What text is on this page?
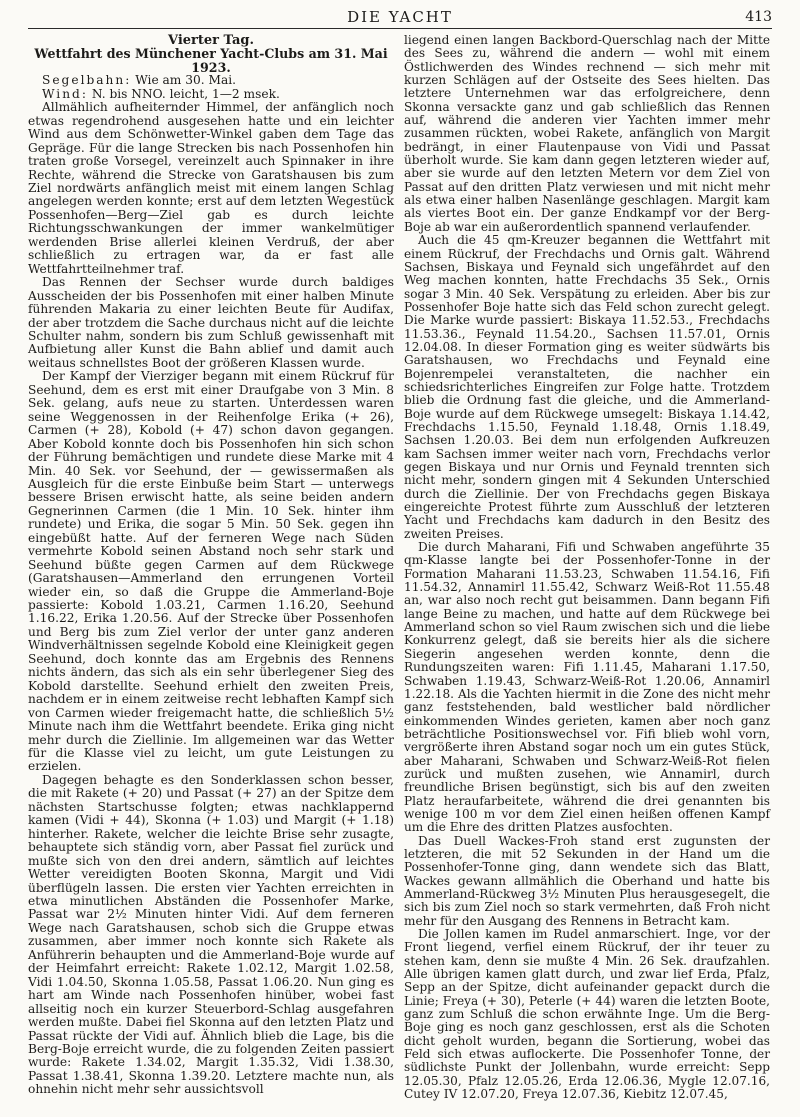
DIE YACHT	413

Vierter Tag.

Wettfahrt des Münchener Yacht-Clubs am 31. Mai 1923.

Segelbahn: Wie am 30. Mai.

Wind: N. bis NNO. leicht, 1—2 msek.

Allmählich aufheiternder Himmel, der anfänglich noch etwas regendrohend ausgesehen hatte und ein leichter Wind aus dem Schönwetter-Winkel gaben dem Tage das Gepräge. Für die lange Strecken bis nach Possenhofen hin traten große Vorsegel, vereinzelt auch Spinnaker in ihre Rechte, während die Strecke von Garatshausen bis zum Ziel nordwärts anfänglich meist mit einem langen Schlag angelegen werden konnte; erst auf dem letzten Wegestück Possenhofen—Berg—Ziel gab es durch leichte Richtungsschwankungen der immer wankelmütiger werdenden Brise allerlei kleinen Verdruß, der aber schließlich zu ertragen war, da er fast alle Wettfahrtteilnehmer traf.

Das Rennen der Sechser wurde durch baldiges Ausscheiden der bis Possenhofen mit einer halben Minute führenden Makaria zu einer leichten Beute für Audifax, der aber trotzdem die Sache durchaus nicht auf die leichte Schulter nahm, sondern bis zum Schluß gewissenhaft mit Aufbietung aller Kunst die Bahn ablief und damit auch weitaus schnellstes Boot der größeren Klassen wurde.

Der Kampf der Vierziger begann mit einem Rückruf für Seehund, dem es erst mit einer Draufgabe von 3 Min. 8 Sek. gelang, aufs neue zu starten. Unterdessen waren seine Weggenossen in der Reihenfolge Erika (+ 26), Carmen (+ 28), Kobold (+ 47) schon davon gegangen. Aber Kobold konnte doch bis Possenhofen hin sich schon der Führung bemächtigen und rundete diese Marke mit 4 Min. 40 Sek. vor Seehund, der — gewissermaßen als Ausgleich für die erste Einbuße beim Start — unterwegs bessere Brisen erwischt hatte, als seine beiden andern Gegnerinnen Carmen (die 1 Min. 10 Sek. hinter ihm rundete) und Erika, die sogar 5 Min. 50 Sek. gegen ihn eingebüßt hatte. Auf der ferneren Wege nach Süden vermehrte Kobold seinen Abstand noch sehr stark und Seehund büßte gegen Carmen auf dem Rückwege (Garatshausen—Ammerland den errungenen Vorteil wieder ein, so daß die Gruppe die Ammerland-Boje passierte: Kobold 1.03.21, Carmen 1.16.20, Seehund 1.16.22, Erika 1.20.56. Auf der Strecke über Possenhofen und Berg bis zum Ziel verlor der unter ganz anderen Windverhältnissen segelnde Kobold eine Kleinigkeit gegen Seehund, doch konnte das am Ergebnis des Rennens nichts ändern, das sich als ein sehr überlegener Sieg des Kobold darstellte. Seehund erhielt den zweiten Preis, nachdem er in einem zeitweise recht lebhaften Kampf sich von Carmen wieder freigemacht hatte, die schließlich 5½ Minute nach ihm die Wettfahrt beendete. Erika ging nicht mehr durch die Ziellinie. Im allgemeinen war das Wetter für die Klasse viel zu leicht, um gute Leistungen zu erzielen.

Dagegen behagte es den Sonderklassen schon besser, die mit Rakete (+ 20) und Passat (+ 27) an der Spitze dem nächsten Startschusse folgten; etwas nachklappernd kamen (Vidi + 44), Skonna (+ 1.03) und Margit (+ 1.18) hinterher. Rakete, welcher die leichte Brise sehr zusagte, behauptete sich ständig vorn, aber Passat fiel zurück und mußte sich von den drei andern, sämtlich auf leichtes Wetter vereidigten Booten Skonna, Margit und Vidi überflügeln lassen. Die ersten vier Yachten erreichten in etwa minutlichen Abständen die Possenhofer Marke, Passat war 2½ Minuten hinter Vidi. Auf dem ferneren Wege nach Garatshausen, schob sich die Gruppe etwas zusammen, aber immer noch konnte sich Rakete als Anführerin behaupten und die Ammerland-Boje wurde auf der Heimfahrt erreicht: Rakete 1.02.12, Margit 1.02.58, Vidi 1.04.50, Skonna 1.05.58, Passat 1.06.20. Nun ging es hart am Winde nach Possenhofen hinüber, wobei fast allseitig noch ein kurzer Steuerbord-Schlag ausgefahren werden mußte. Dabei fiel Skonna auf den letzten Platz und Passat rückte der Vidi auf. Ähnlich blieb die Lage, bis die Berg-Boje erreicht wurde, die zu folgenden Zeiten passiert wurde: Rakete 1.34.02, Margit 1.35.32, Vidi 1.38.30, Passat 1.38.41, Skonna 1.39.20. Letztere machte nun, als ohnehin nicht mehr sehr aussichtsvoll

liegend einen langen Backbord-Querschlag nach der Mitte des Sees zu, während die andern — wohl mit einem Östlichwerden des Windes rechnend — sich mehr mit kurzen Schlägen auf der Ostseite des Sees hielten. Das letztere Unternehmen war das erfolgreichere, denn Skonna versackte ganz und gab schließlich das Rennen auf, während die anderen vier Yachten immer mehr zusammen rückten, wobei Rakete, anfänglich von Margit bedrängt, in einer Flautenpause von Vidi und Passat überholt wurde. Sie kam dann gegen letzteren wieder auf, aber sie wurde auf den letzten Metern vor dem Ziel von Passat auf den dritten Platz verwiesen und mit nicht mehr als etwa einer halben Nasenlänge geschlagen. Margit kam als viertes Boot ein. Der ganze Endkampf vor der Berg-Boje ab war ein außerordentlich spannend verlaufender.

Auch die 45 qm-Kreuzer begannen die Wettfahrt mit einem Rückruf, der Frechdachs und Ornis galt. Während Sachsen, Biskaya und Feynald sich ungefährdet auf den Weg machen konnten, hatte Frechdachs 35 Sek., Ornis sogar 3 Min. 40 Sek. Verspätung zu erleiden. Aber bis zur Possenhofer Boje hatte sich das Feld schon zurecht gelegt. Die Marke wurde passiert: Biskaya 11.52.53., Frechdachs 11.53.36., Feynald 11.54.20., Sachsen 11.57.01, Ornis 12.04.08. In dieser Formation ging es weiter südwärts bis Garatshausen, wo Frechdachs und Feynald eine Bojenrempelei veranstalteten, die nachher ein schiedsrichterliches Eingreifen zur Folge hatte. Trotzdem blieb die Ordnung fast die gleiche, und die Ammerland-Boje wurde auf dem Rückwege umsegelt: Biskaya 1.14.42, Frechdachs 1.15.50, Feynald 1.18.48, Ornis 1.18.49, Sachsen 1.20.03. Bei dem nun erfolgenden Aufkreuzen kam Sachsen immer weiter nach vorn, Frechdachs verlor gegen Biskaya und nur Ornis und Feynald trennten sich nicht mehr, sondern gingen mit 4 Sekunden Unterschied durch die Ziellinie. Der von Frechdachs gegen Biskaya eingereichte Protest führte zum Ausschluß der letzteren Yacht und Frechdachs kam dadurch in den Besitz des zweiten Preises.

Die durch Maharani, Fifi und Schwaben angeführte 35 qm-Klasse langte bei der Possenhofer-Tonne in der Formation Maharani 11.53.23, Schwaben 11.54.16, Fifi 11.54.32, Annamirl 11.55.42, Schwarz Weiß-Rot 11.55.48 an, war also noch recht gut beisammen. Dann begann Fifi lange Beine zu machen, und hatte auf dem Rückwege bei Ammerland schon so viel Raum zwischen sich und die liebe Konkurrenz gelegt, daß sie bereits hier als die sichere Siegerin angesehen werden konnte, denn die Rundungszeiten waren: Fifi 1.11.45, Maharani 1.17.50, Schwaben 1.19.43, Schwarz-Weiß-Rot 1.20.06, Annamirl 1.22.18. Als die Yachten hiermit in die Zone des nicht mehr ganz feststehenden, bald westlicher bald nördlicher einkommenden Windes gerieten, kamen aber noch ganz beträchtliche Positionswechsel vor. Fifi blieb wohl vorn, vergrößerte ihren Abstand sogar noch um ein gutes Stück, aber Maharani, Schwaben und Schwarz-Weiß-Rot fielen zurück und mußten zusehen, wie Annamirl, durch freundliche Brisen begünstigt, sich bis auf den zweiten Platz heraufarbeitete, während die drei genannten bis wenige 100 m vor dem Ziel einen heißen offenen Kampf um die Ehre des dritten Platzes ausfochten.

Das Duell Wackes-Froh stand erst zugunsten der letzteren, die mit 52 Sekunden in der Hand um die Possenhofer-Tonne ging, dann wendete sich das Blatt, Wackes gewann allmählich die Oberhand und hatte bis Ammerland-Rückweg 3½ Minuten Plus herausgesegelt, die sich bis zum Ziel noch so stark vermehrten, daß Froh nicht mehr für den Ausgang des Rennens in Betracht kam.

Die Jollen kamen im Rudel anmarschiert. Inge, vor der Front liegend, verfiel einem Rückruf, der ihr teuer zu stehen kam, denn sie mußte 4 Min. 26 Sek. draufzahlen. Alle übrigen kamen glatt durch, und zwar lief Erda, Pfalz, Sepp an der Spitze, dicht aufeinander gepackt durch die Linie; Freya (+ 30), Peterle (+ 44) waren die letzten Boote, ganz zum Schluß die schon erwähnte Inge. Um die Berg-Boje ging es noch ganz geschlossen, erst als die Schoten dicht geholt wurden, begann die Sortierung, wobei das Feld sich etwas auflockerte. Die Possenhofer Tonne, der südlichste Punkt der Jollenbahn, wurde erreicht: Sepp 12.05.30, Pfalz 12.05.26, Erda 12.06.36, Mygle 12.07.16, Cutey IV 12.07.20, Freya 12.07.36, Kiebitz 12.07.45,
